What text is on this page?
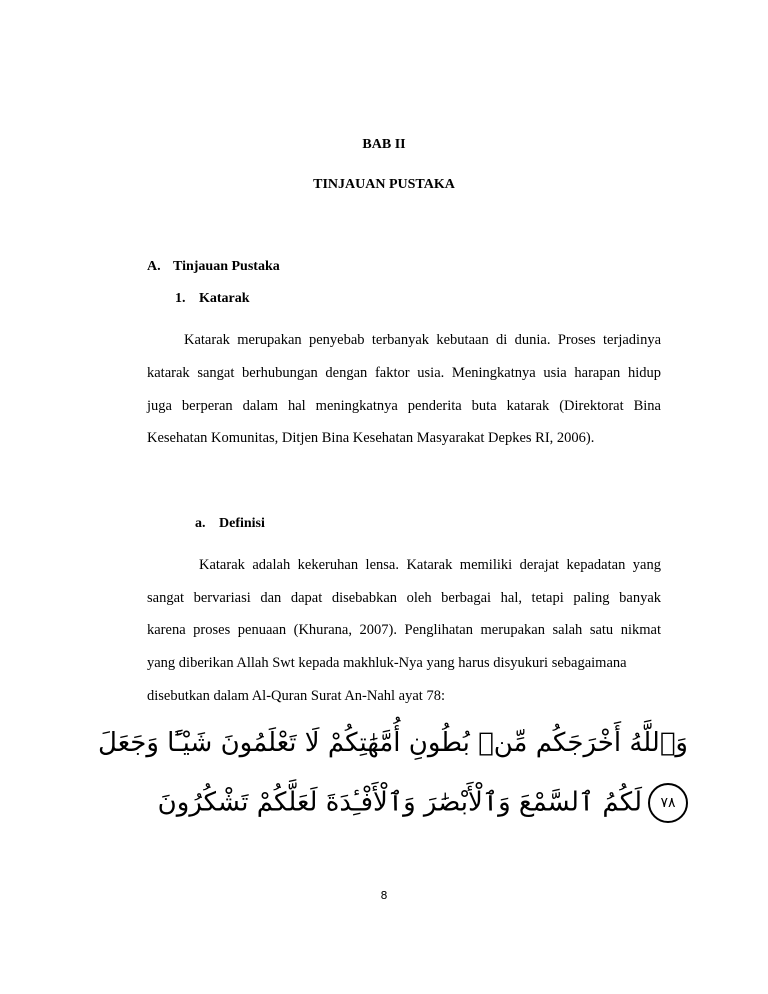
BAB II
TINJAUAN PUSTAKA
A. Tinjauan Pustaka
1. Katarak
Katarak merupakan penyebab terbanyak kebutaan di dunia. Proses terjadinya
katarak sangat berhubungan dengan faktor usia. Meningkatnya usia harapan hidup
juga berperan dalam hal meningkatnya penderita buta katarak (Direktorat Bina
Kesehatan Komunitas, Ditjen Bina Kesehatan Masyarakat Depkes RI, 2006).
a. Definisi
Katarak adalah kekeruhan lensa. Katarak memiliki derajat kepadatan yang
sangat bervariasi dan dapat disebabkan oleh berbagai hal, tetapi paling banyak
karena proses penuaan (Khurana, 2007). Penglihatan merupakan salah satu nikmat
yang diberikan Allah Swt kepada makhluk-Nya yang harus disyukuri sebagaimana
disebutkan dalam Al-Quran Surat An-Nahl ayat 78:
وَٱللَّهُ أَخْرَجَكُم مِّنۢ بُطُونِ أُمَّهَٰتِكُمْ لَا تَعْلَمُونَ شَيْـًٔا وَجَعَلَ
٧٨لَكُمُ ٱلسَّمْعَ وَٱلْأَبْصَٰرَ وَٱلْأَفْـِٔدَةَ لَعَلَّكُمْ تَشْكُرُونَ
8
